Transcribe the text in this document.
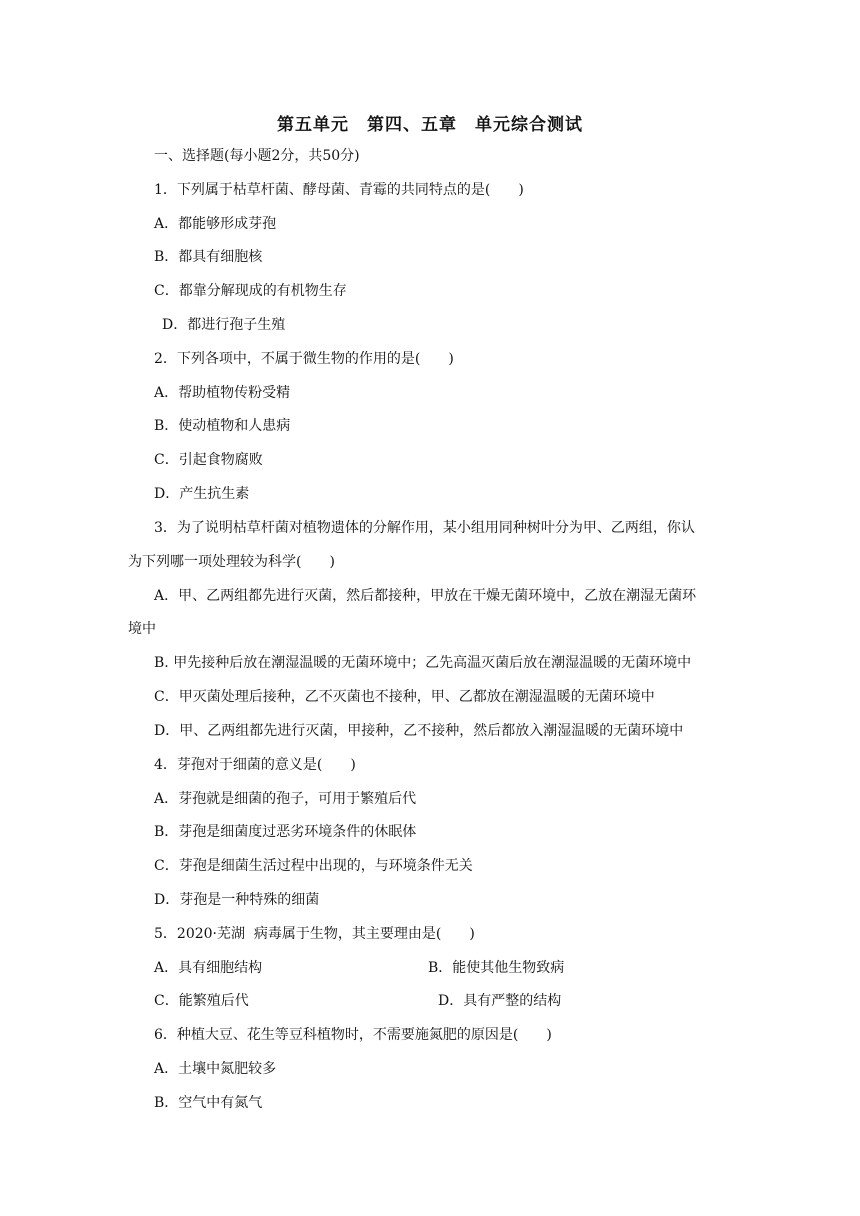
第五单元　第四、五章　单元综合测试
一、选择题(每小题2分，共50分)
1．下列属于枯草杆菌、酵母菌、青霉的共同特点的是(　　)
A．都能够形成芽孢
B．都具有细胞核
C．都靠分解现成的有机物生存
D．都进行孢子生殖
2．下列各项中，不属于微生物的作用的是(　　)
A．帮助植物传粉受精
B．使动植物和人患病
C．引起食物腐败
D．产生抗生素
3．为了说明枯草杆菌对植物遗体的分解作用，某小组用同种树叶分为甲、乙两组，你认
为下列哪一项处理较为科学(　　)
A．甲、乙两组都先进行灭菌，然后都接种，甲放在干燥无菌环境中，乙放在潮湿无菌环
境中
B. 甲先接种后放在潮湿温暖的无菌环境中；乙先高温灭菌后放在潮湿温暖的无菌环境中
C．甲灭菌处理后接种，乙不灭菌也不接种，甲、乙都放在潮湿温暖的无菌环境中
D．甲、乙两组都先进行灭菌，甲接种，乙不接种，然后都放入潮湿温暖的无菌环境中
4．芽孢对于细菌的意义是(　　)
A．芽孢就是细菌的孢子，可用于繁殖后代
B．芽孢是细菌度过恶劣环境条件的休眠体
C．芽孢是细菌生活过程中出现的，与环境条件无关
D．芽孢是一种特殊的细菌
5．2020·芜湖  病毒属于生物，其主要理由是(　　)
A．具有细胞结构	B．能使其他生物致病
C．能繁殖后代	D．具有严整的结构
6．种植大豆、花生等豆科植物时，不需要施氮肥的原因是(　　)
A．土壤中氮肥较多
B．空气中有氮气
